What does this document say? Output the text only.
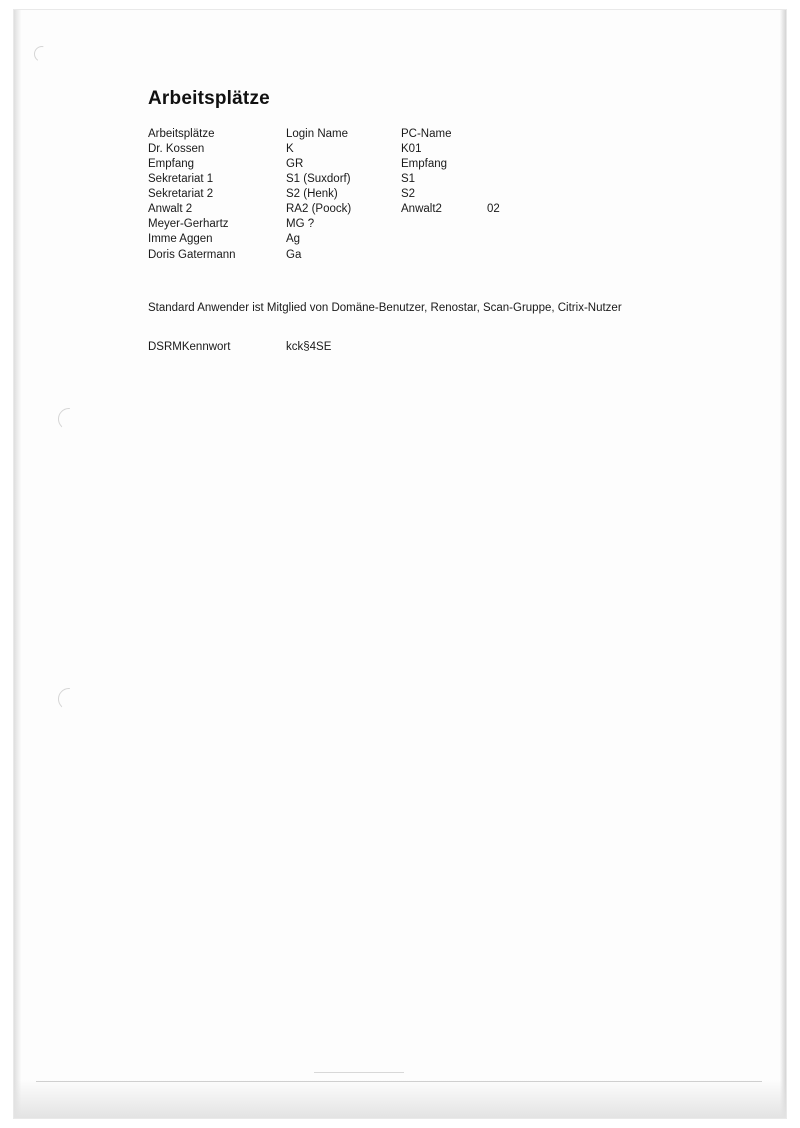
Arbeitsplätze
Arbeitsplätze	Login Name	PC-Name	
Dr. Kossen	K	K01	
Empfang	GR	Empfang	
Sekretariat 1	S1 (Suxdorf)	S1	
Sekretariat 2	S2 (Henk)	S2	
Anwalt 2	RA2 (Poock)	Anwalt2	02
Meyer-Gerhartz	MG ?		
Imme Aggen	Ag		
Doris Gatermann	Ga		

Standard Anwender ist Mitglied von Domäne-Benutzer, Renostar, Scan-Gruppe, Citrix-Nutzer

DSRMKennwort	kck§4SE
